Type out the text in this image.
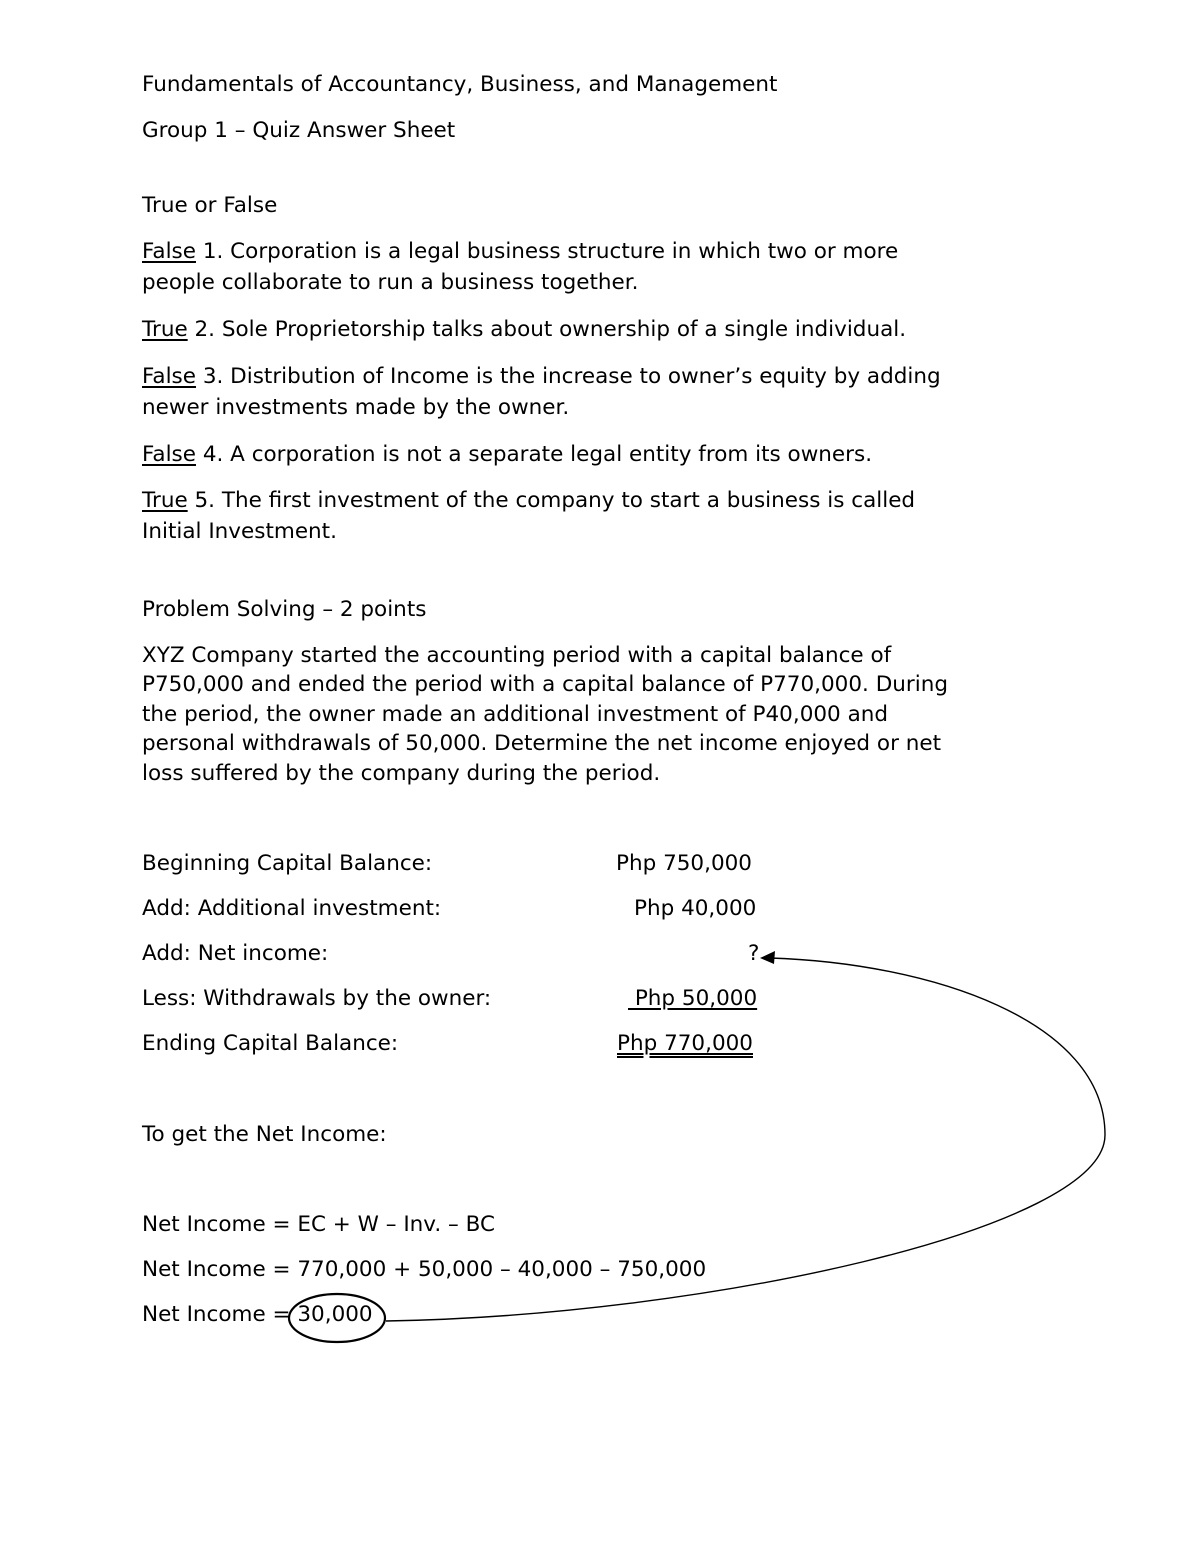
Fundamentals of Accountancy, Business, and Management

Group 1 – Quiz Answer Sheet

True or False

False 1. Corporation is a legal business structure in which two or more

people collaborate to run a business together.

True 2. Sole Proprietorship talks about ownership of a single individual.

False 3. Distribution of Income is the increase to owner’s equity by adding

newer investments made by the owner.

False 4. A corporation is not a separate legal entity from its owners.

True 5. The first investment of the company to start a business is called

Initial Investment.

Problem Solving – 2 points

XYZ Company started the accounting period with a capital balance of

P750,000 and ended the period with a capital balance of P770,000. During

the period, the owner made an additional investment of P40,000 and

personal withdrawals of 50,000. Determine the net income enjoyed or net

loss suffered by the company during the period.

Beginning Capital Balance:	Php 750,000

Add: Additional investment:	Php 40,000

Add: Net income:	?

Less: Withdrawals by the owner:	Php 50,000

Ending Capital Balance:	Php 770,000

To get the Net Income:

Net Income = EC + W – Inv. – BC

Net Income = 770,000 + 50,000 – 40,000 – 750,000

Net Income = 30,000
